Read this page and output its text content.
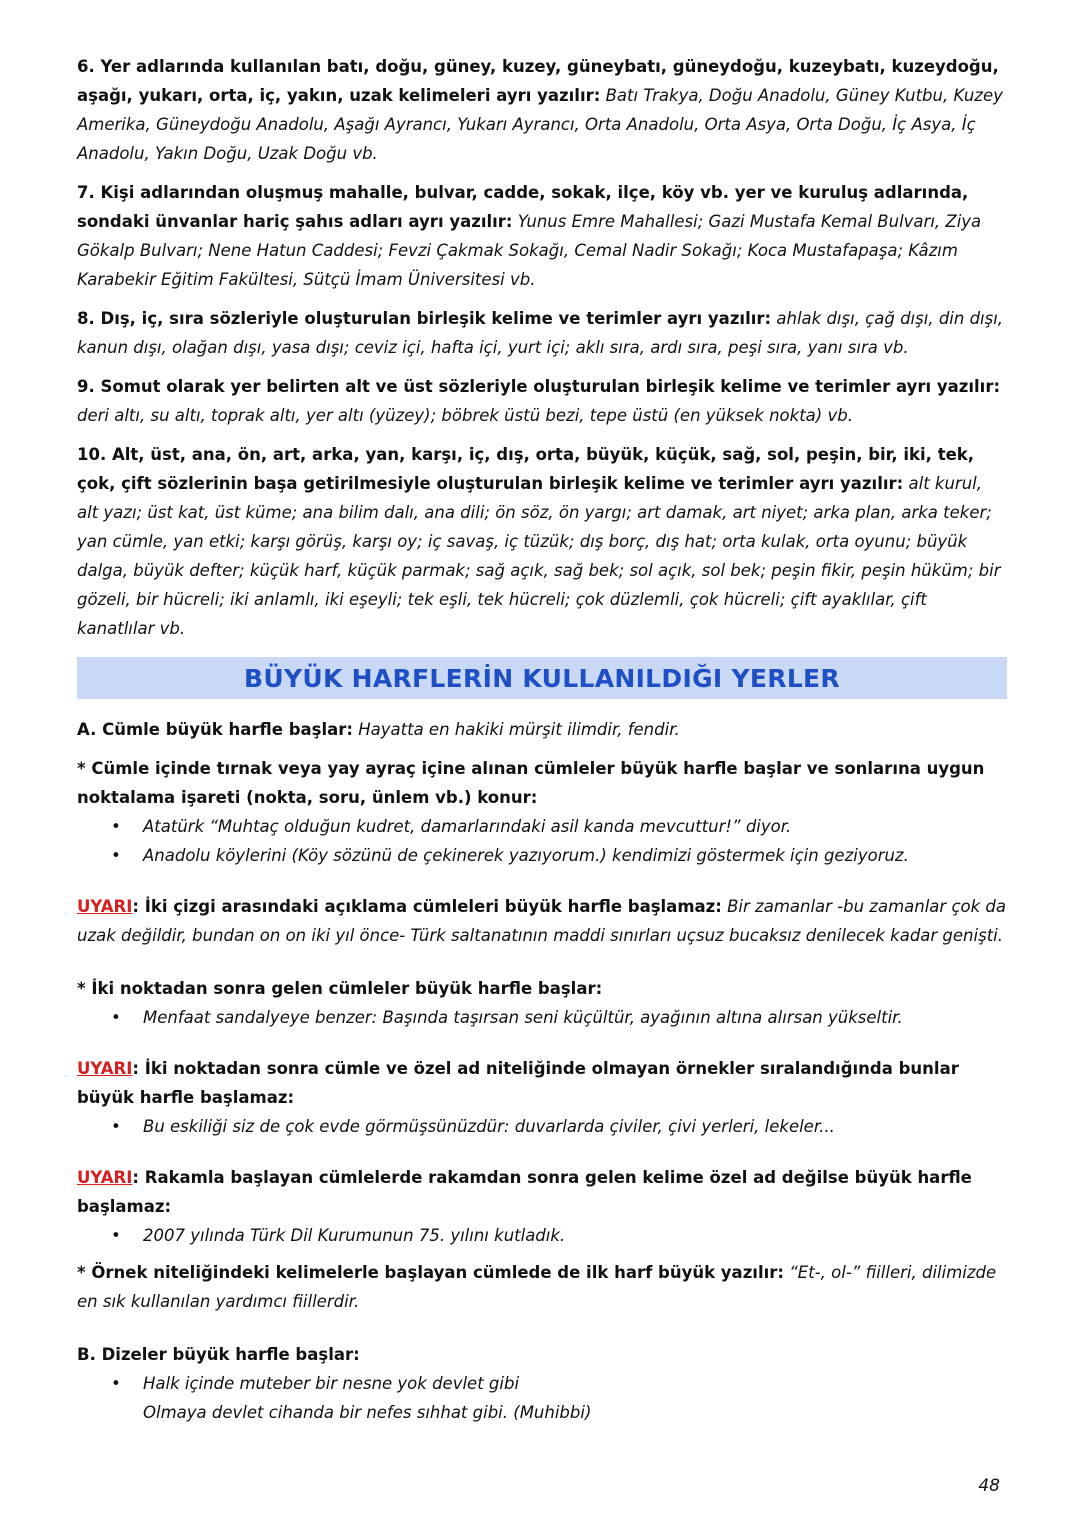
6. Yer adlarında kullanılan batı, doğu, güney, kuzey, güneybatı, güneydoğu, kuzeybatı, kuzeydoğu, aşağı, yukarı, orta, iç, yakın, uzak kelimeleri ayrı yazılır: Batı Trakya, Doğu Anadolu, Güney Kutbu, Kuzey Amerika, Güneydoğu Anadolu, Aşağı Ayrancı, Yukarı Ayrancı, Orta Anadolu, Orta Asya, Orta Doğu, İç Asya, İç Anadolu, Yakın Doğu, Uzak Doğu vb.

7. Kişi adlarından oluşmuş mahalle, bulvar, cadde, sokak, ilçe, köy vb. yer ve kuruluş adlarında, sondaki ünvanlar hariç şahıs adları ayrı yazılır: Yunus Emre Mahallesi; Gazi Mustafa Kemal Bulvarı, Ziya Gökalp Bulvarı; Nene Hatun Caddesi; Fevzi Çakmak Sokağı, Cemal Nadir Sokağı; Koca Mustafapaşa; Kâzım Karabekir Eğitim Fakültesi, Sütçü İmam Üniversitesi vb.

8. Dış, iç, sıra sözleriyle oluşturulan birleşik kelime ve terimler ayrı yazılır: ahlak dışı, çağ dışı, din dışı, kanun dışı, olağan dışı, yasa dışı; ceviz içi, hafta içi, yurt içi; aklı sıra, ardı sıra, peşi sıra, yanı sıra vb.

9. Somut olarak yer belirten alt ve üst sözleriyle oluşturulan birleşik kelime ve terimler ayrı yazılır: deri altı, su altı, toprak altı, yer altı (yüzey); böbrek üstü bezi, tepe üstü (en yüksek nokta) vb.

10. Alt, üst, ana, ön, art, arka, yan, karşı, iç, dış, orta, büyük, küçük, sağ, sol, peşin, bir, iki, tek, çok, çift sözlerinin başa getirilmesiyle oluşturulan birleşik kelime ve terimler ayrı yazılır: alt kurul, alt yazı; üst kat, üst küme; ana bilim dalı, ana dili; ön söz, ön yargı; art damak, art niyet; arka plan, arka teker; yan cümle, yan etki; karşı görüş, karşı oy; iç savaş, iç tüzük; dış borç, dış hat; orta kulak, orta oyunu; büyük dalga, büyük defter; küçük harf, küçük parmak; sağ açık, sağ bek; sol açık, sol bek; peşin fikir, peşin hüküm; bir gözeli, bir hücreli; iki anlamlı, iki eşeyli; tek eşli, tek hücreli; çok düzlemli, çok hücreli; çift ayaklılar, çift kanatlılar vb.

BÜYÜK HARFLERİN KULLANILDIĞI YERLER

A. Cümle büyük harfle başlar: Hayatta en hakiki mürşit ilimdir, fendir.

* Cümle içinde tırnak veya yay ayraç içine alınan cümleler büyük harfle başlar ve sonlarına uygun noktalama işareti (nokta, soru, ünlem vb.) konur:

• Atatürk “Muhtaç olduğun kudret, damarlarındaki asil kanda mevcuttur!” diyor.
• Anadolu köylerini (Köy sözünü de çekinerek yazıyorum.) kendimizi göstermek için geziyoruz.

UYARI: İki çizgi arasındaki açıklama cümleleri büyük harfle başlamaz: Bir zamanlar -bu zamanlar çok da uzak değildir, bundan on on iki yıl önce- Türk saltanatının maddi sınırları uçsuz bucaksız denilecek kadar genişti.

* İki noktadan sonra gelen cümleler büyük harfle başlar:

• Menfaat sandalyeye benzer: Başında taşırsan seni küçültür, ayağının altına alırsan yükseltir.

UYARI: İki noktadan sonra cümle ve özel ad niteliğinde olmayan örnekler sıralandığında bunlar büyük harfle başlamaz:

• Bu eskiliği siz de çok evde görmüşsünüzdür: duvarlarda çiviler, çivi yerleri, lekeler...

UYARI: Rakamla başlayan cümlelerde rakamdan sonra gelen kelime özel ad değilse büyük harfle başlamaz:

• 2007 yılında Türk Dil Kurumunun 75. yılını kutladık.

* Örnek niteliğindeki kelimelerle başlayan cümlede de ilk harf büyük yazılır: “Et-, ol-” fiilleri, dilimizde en sık kullanılan yardımcı fiillerdir.

B. Dizeler büyük harfle başlar:

• Halk içinde muteber bir nesne yok devlet gibi
Olmaya devlet cihanda bir nefes sıhhat gibi. (Muhibbi)
48
